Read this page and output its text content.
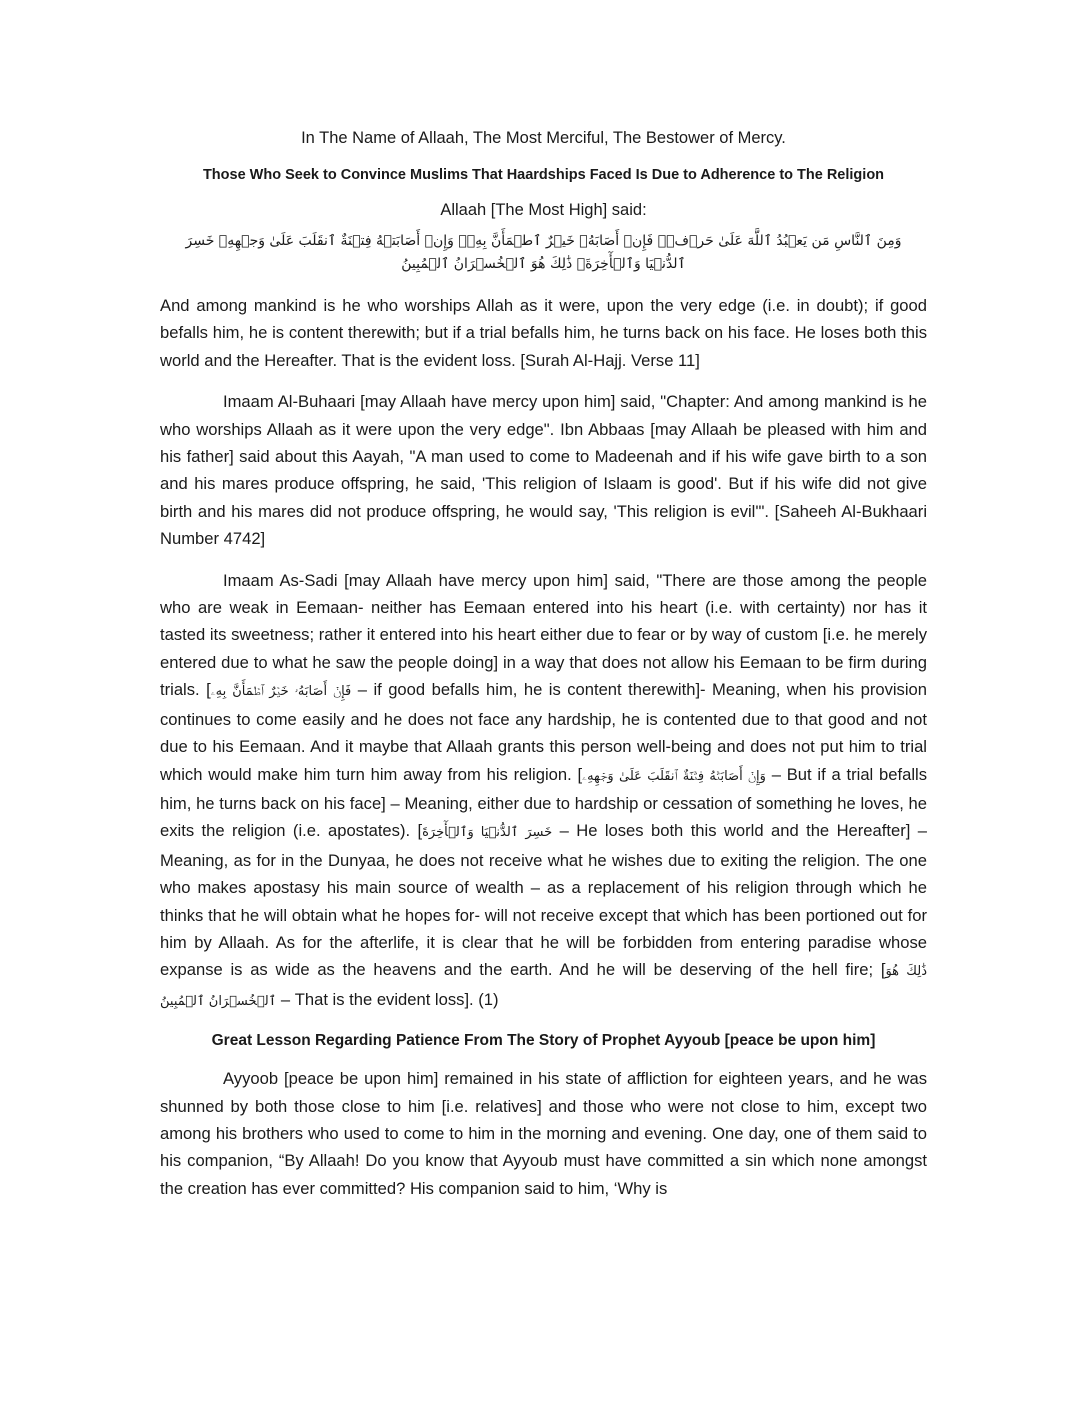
In The Name of Allaah, The Most Merciful, The Bestower of Mercy.
Those Who Seek to Convince Muslims That Haardships Faced Is Due to Adherence to The Religion
Allaah [The Most High] said:
وَمِنَ ٱلنَّاسِ مَن يَعۡبُدُ ٱللَّهَ عَلَىٰ حَرۡفٖۖ فَإِنۡ أَصَابَهُۥ خَيۡرٌ ٱطۡمَأَنَّ بِهِۦۖ وَإِنۡ أَصَابَتۡهُ فِتۡنَةٌ ٱنقَلَبَ عَلَىٰ وَجۡهِهِۦ خَسِرَ ٱلدُّنۡيَا وَٱلۡأٓخِرَةَۚ ذَٰلِكَ هُوَ ٱلۡخُسۡرَانُ ٱلۡمُبِينُ

And among mankind is he who worships Allah as it were, upon the very edge (i.e. in doubt); if good befalls him, he is content therewith; but if a trial befalls him, he turns back on his face. He loses both this world and the Hereafter. That is the evident loss. [Surah Al-Hajj. Verse 11]

Imaam Al-Buhaari [may Allaah have mercy upon him] said, "Chapter: And among mankind is he who worships Allaah as it were upon the very edge". Ibn Abbaas [may Allaah be pleased with him and his father] said about this Aayah, "A man used to come to Madeenah and if his wife gave birth to a son and his mares produce offspring, he said, 'This religion of Islaam is good'. But if his wife did not give birth and his mares did not produce offspring, he would say, 'This religion is evil'". [Saheeh Al-Bukhaari Number 4742]

Imaam As-Sadi [may Allaah have mercy upon him] said, "There are those among the people who are weak in Eemaan- neither has Eemaan entered into his heart (i.e. with certainty) nor has it tasted its sweetness; rather it entered into his heart either due to fear or by way of custom [i.e. he merely entered due to what he saw the people doing] in a way that does not allow his Eemaan to be firm during trials. [فَإِنۡ أَصَابَهُۥ خَيۡرٌ ٱطۡمَأَنَّ بِهِۦ – if good befalls him, he is content therewith]- Meaning, when his provision continues to come easily and he does not face any hardship, he is contented due to that good and not due to his Eemaan. And it maybe that Allaah grants this person well-being and does not put him to trial which would make him turn him away from his religion. [وَإِنۡ أَصَابَتۡهُ فِتۡنَةٌ ٱنقَلَبَ عَلَىٰ وَجۡهِهِۦ – But if a trial befalls him, he turns back on his face] – Meaning, either due to hardship or cessation of something he loves, he exits the religion (i.e. apostates). [خَسِرَ ٱلدُّنۡيَا وَٱلۡأٓخِرَةَ – He loses both this world and the Hereafter] – Meaning, as for in the Dunyaa, he does not receive what he wishes due to exiting the religion. The one who makes apostasy his main source of wealth – as a replacement of his religion through which he thinks that he will obtain what he hopes for- will not receive except that which has been portioned out for him by Allaah. As for the afterlife, it is clear that he will be forbidden from entering paradise whose expanse is as wide as the heavens and the earth. And he will be deserving of the hell fire; [ذَٰلِكَ هُوَ ٱلۡخُسۡرَانُ ٱلۡمُبِينُ – That is the evident loss]. (1)

Great Lesson Regarding Patience From The Story of Prophet Ayyoub [peace be upon him]

Ayyoob [peace be upon him] remained in his state of affliction for eighteen years, and he was shunned by both those close to him [i.e. relatives] and those who were not close to him, except two among his brothers who used to come to him in the morning and evening. One day, one of them said to his companion, “By Allaah! Do you know that Ayyoub must have committed a sin which none amongst the creation has ever committed? His companion said to him, ‘Why is
